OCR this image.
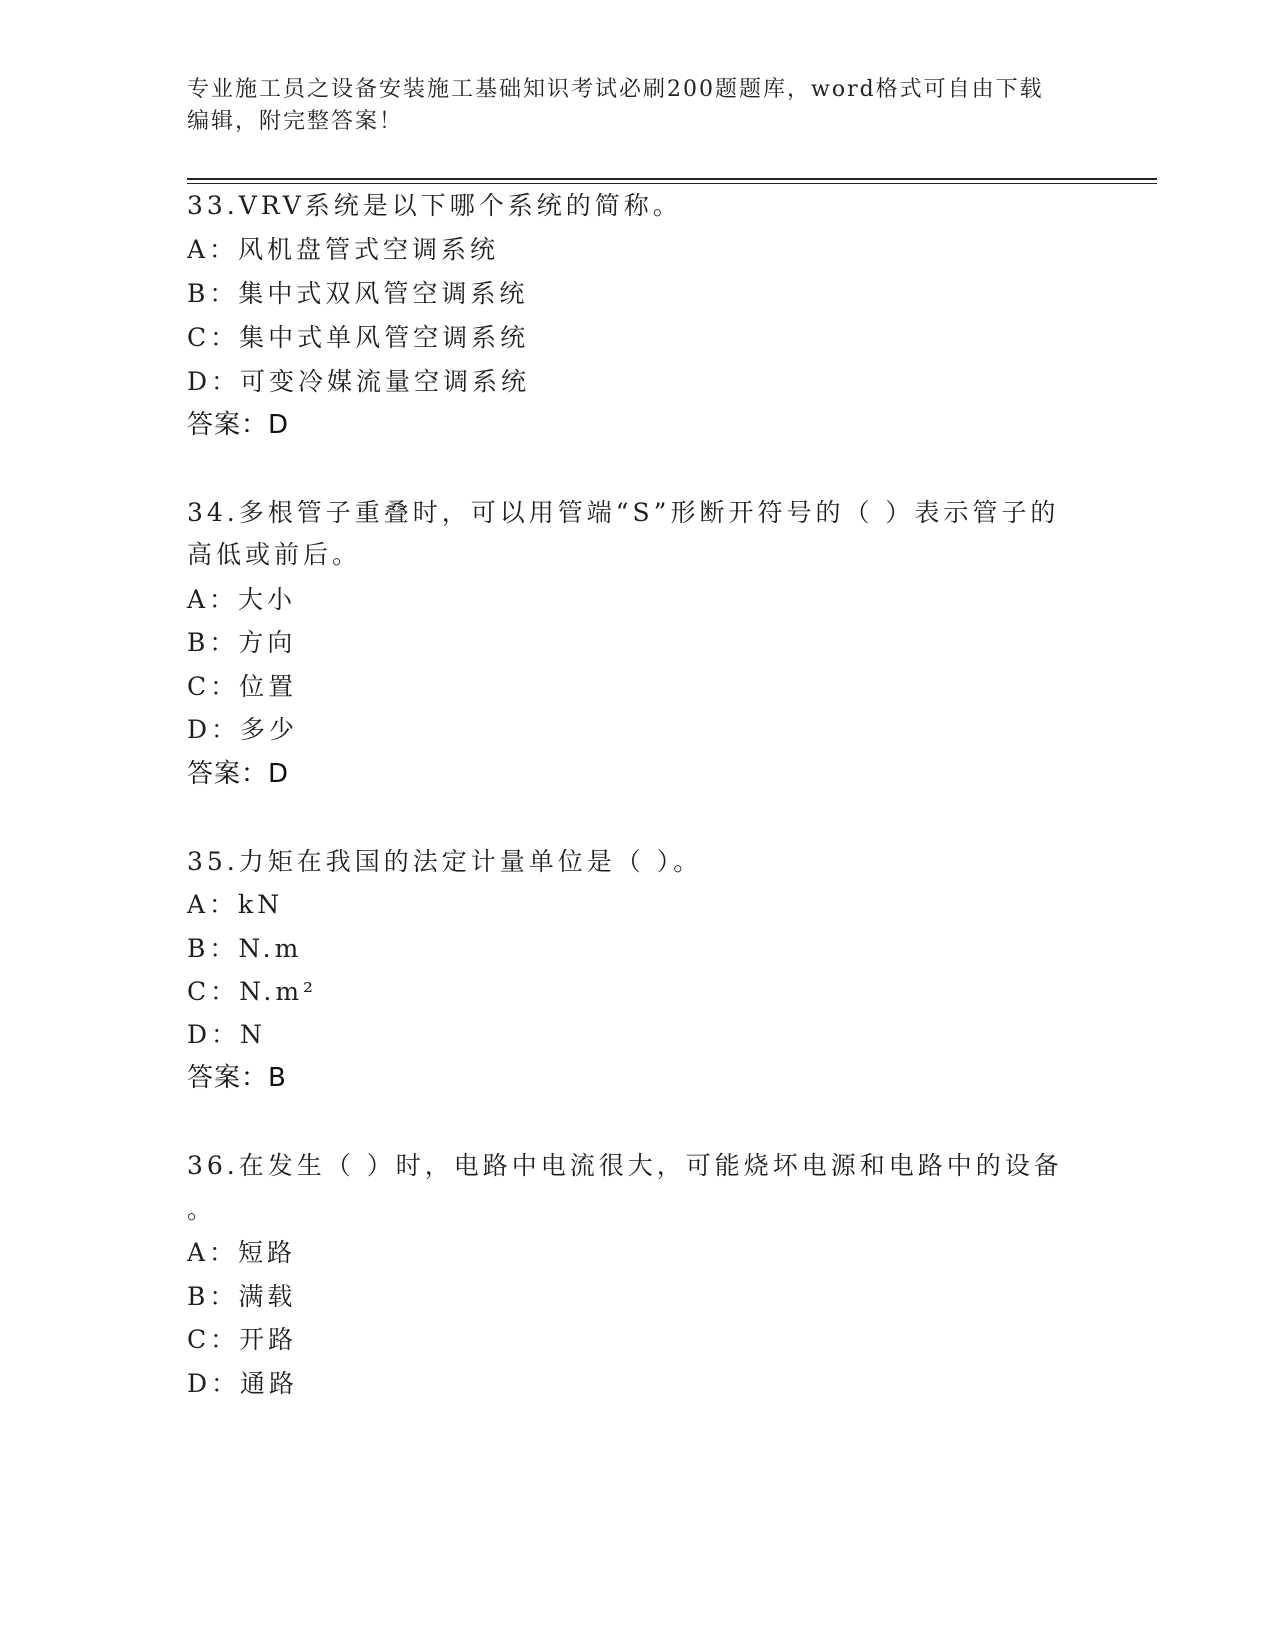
专业施工员之设备安装施工基础知识考试必刷200题题库，word格式可自由下载
编辑，附完整答案！
33.VRV系统是以下哪个系统的简称。
A：风机盘管式空调系统
B：集中式双风管空调系统
C：集中式单风管空调系统
D：可变冷媒流量空调系统
答案：D
34.多根管子重叠时，可以用管端“S”形断开符号的（ ）表示管子的
高低或前后。
A：大小
B：方向
C：位置
D：多少
答案：D
35.力矩在我国的法定计量单位是（ ）。
A：kN
B：N.m
C：N.m²
D：N
答案：B
36.在发生（ ）时，电路中电流很大，可能烧坏电源和电路中的设备
。
A：短路
B：满载
C：开路
D：通路
